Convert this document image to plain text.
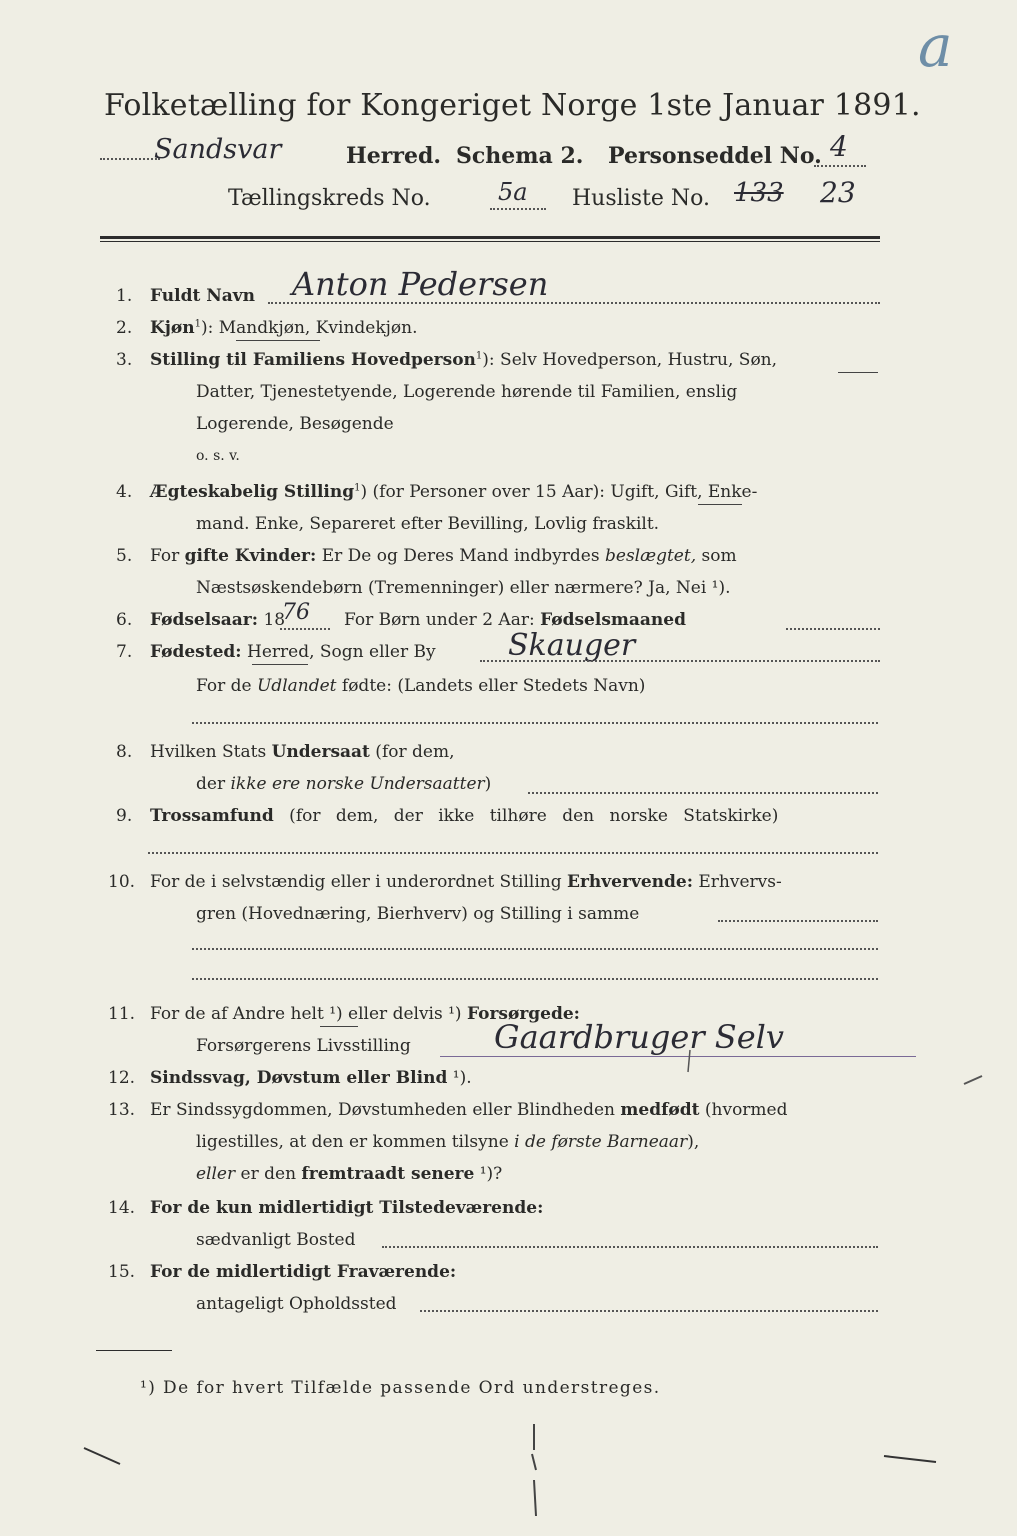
a
Folketælling for Kongeriget Norge 1ste Januar 1891.
Sandsvar	Herred. Schema 2. Personseddel No. 4
Tællingskreds No.	5a Husliste No. 133 23
1. Fuldt Navn Anton Pedersen
2. Kjøn$^1$): Mandkjøn, Kvindekjøn.
3. Stilling til Familiens Hovedperson$^1$): Selv Hovedperson, Hustru, Søn,
Datter, Tjenestetyende, Logerende hørende til Familien, enslig
Logerende, Besøgende
o. s. v.
4. Ægteskabelig Stilling$^1$) (for Personer over 15 Aar): Ugift, Gift, Enke-
mand. Enke, Separeret efter Bevilling, Lovlig fraskilt.
5. For gifte Kvinder: Er De og Deres Mand indbyrdes beslægtet, som
Næstsøskendebørn (Tremenninger) eller nærmere? Ja, Nei ¹).
6. Fødselsaar: 18
76 For Børn under 2 Aar: Fødselsmaaned
7. Fødested: Herred, Sogn eller By Skauger
For de Udlandet fødte: (Landets eller Stedets Navn)
8. Hvilken Stats Undersaat (for dem,
der ikke ere norske Undersaatter)
9. Trossamfund (for dem, der ikke tilhøre den norske Statskirke)
10. For de i selvstændig eller i underordnet Stilling Erhvervende: Erhvervs-
gren (Hovednæring, Bierhverv) og Stilling i samme
11. For de af Andre helt ¹) eller delvis ¹) Forsørgede:
Forsørgerens Livsstilling	Gaardbruger Selv
12. Sindssvag, Døvstum eller Blind ¹).
13. Er Sindssygdommen, Døvstumheden eller Blindheden medfødt (hvormed
ligestilles, at den er kommen tilsyne i de første Barneaar),
eller er den fremtraadt senere ¹)?
14. For de kun midlertidigt Tilstedeværende:
sædvanligt Bosted
15. For de midlertidigt Fraværende:
antageligt Opholdssted
¹) De for hvert Tilfælde passende Ord understreges.
